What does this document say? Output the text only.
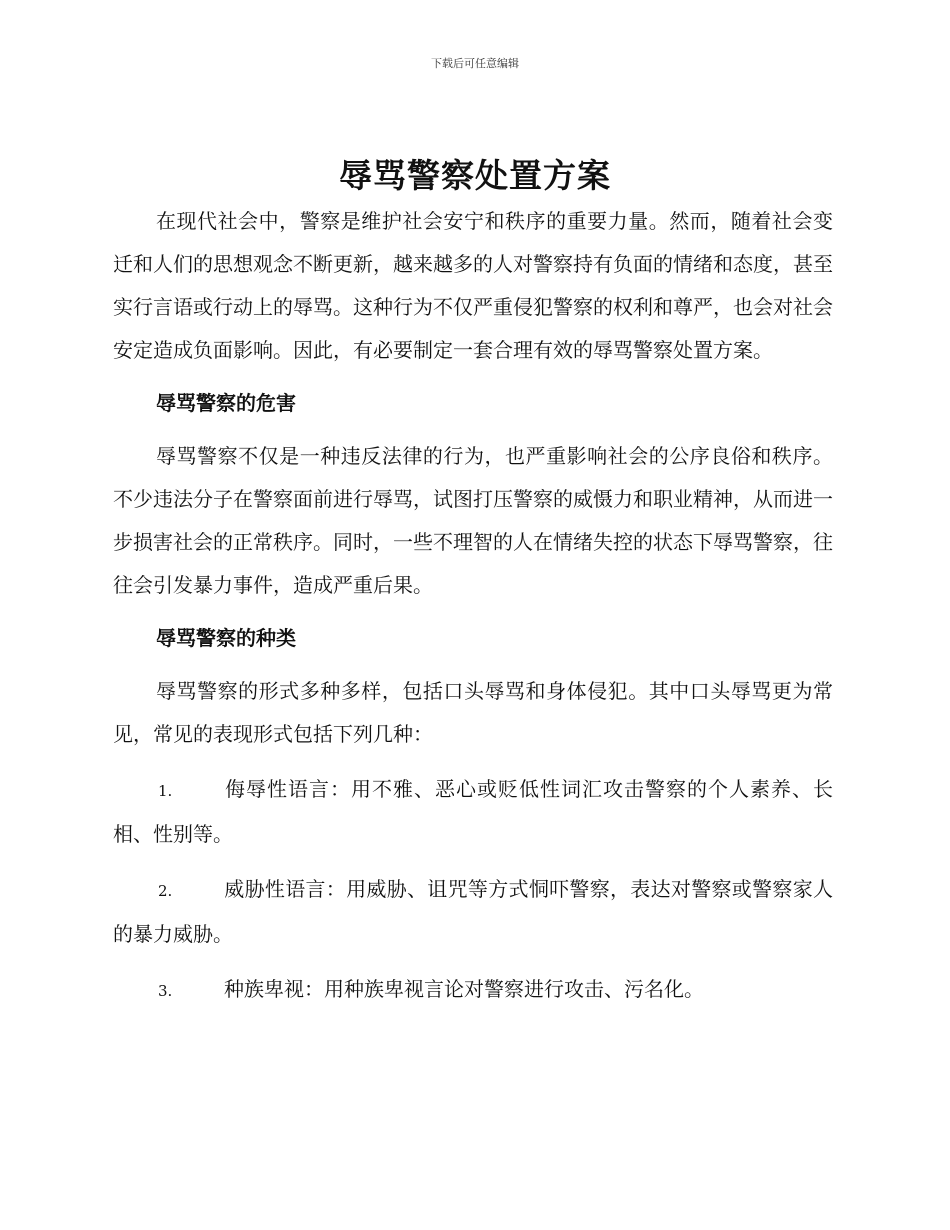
下载后可任意编辑
辱骂警察处置方案

在现代社会中，警察是维护社会安宁和秩序的重要力量。然而，随着社会变迁和人们的思想观念不断更新，越来越多的人对警察持有负面的情绪和态度，甚至实行言语或行动上的辱骂。这种行为不仅严重侵犯警察的权利和尊严，也会对社会安定造成负面影响。因此，有必要制定一套合理有效的辱骂警察处置方案。

辱骂警察的危害

辱骂警察不仅是一种违反法律的行为，也严重影响社会的公序良俗和秩序。不少违法分子在警察面前进行辱骂，试图打压警察的威慑力和职业精神，从而进一步损害社会的正常秩序。同时，一些不理智的人在情绪失控的状态下辱骂警察，往往会引发暴力事件，造成严重后果。

辱骂警察的种类

辱骂警察的形式多种多样，包括口头辱骂和身体侵犯。其中口头辱骂更为常见，常见的表现形式包括下列几种：

1.	侮辱性语言：用不雅、恶心或贬低性词汇攻击警察的个人素养、长相、性别等。

2.	威胁性语言：用威胁、诅咒等方式恫吓警察，表达对警察或警察家人的暴力威胁。

3.	种族卑视：用种族卑视言论对警察进行攻击、污名化。
